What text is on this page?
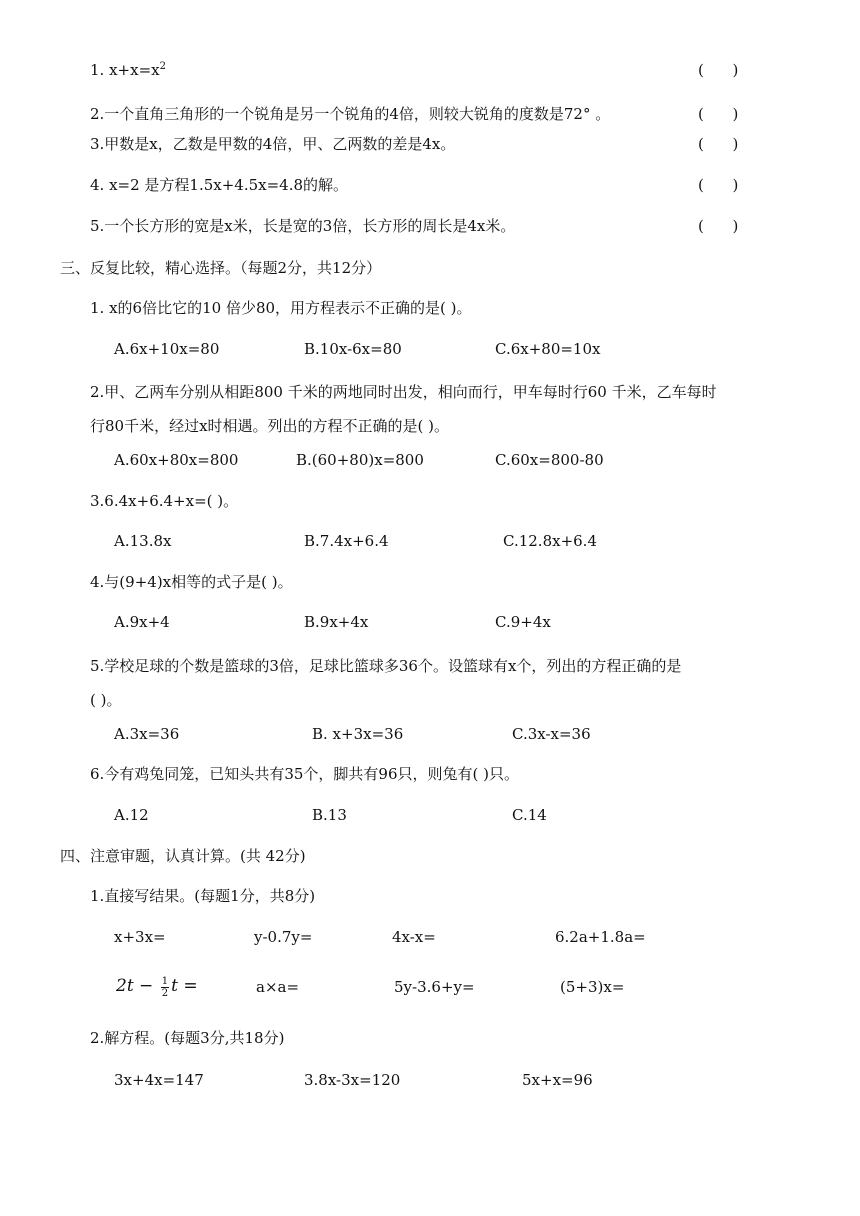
1. $x+x=x^2$	(      )
2.一个直角三角形的一个锐角是另一个锐角的4倍，则较大锐角的度数是72° 。	(      )
3.甲数是x，乙数是甲数的4倍，甲、乙两数的差是4x。	(      )
4. x=2 是方程1.5x+4.5x=4.8的解。	(      )
5.一个长方形的宽是x米，长是宽的3倍，长方形的周长是4x米。	(      )
三、反复比较，精心选择。（每题2分，共12分）
1. x的6倍比它的10 倍少80，用方程表示不正确的是( )。
A.6x+10x=80	B.10x-6x=80	C.6x+80=10x
2.甲、乙两车分别从相距800 千米的两地同时出发，相向而行，甲车每时行60 千米，乙车每时
行80千米，经过x时相遇。列出的方程不正确的是( )。
A.60x+80x=800	B.(60+80)x=800	C.60x=800-80
3.6.4x+6.4+x=( )。
A.13.8x	B.7.4x+6.4	C.12.8x+6.4
4.与(9+4)x相等的式子是( )。
A.9x+4	B.9x+4x	C.9+4x
5.学校足球的个数是篮球的3倍，足球比篮球多36个。设篮球有x个，列出的方程正确的是
( )。
A.3x=36	B. x+3x=36	C.3x-x=36
6.今有鸡兔同笼，已知头共有35个，脚共有96只，则兔有( )只。
A.12	B.13	C.14
四、注意审题，认真计算。(共 42分)
1.直接写结果。(每题1分，共8分)
x+3x=	y-0.7y=	4x-x=	6.2a+1.8a=
$2t - \frac{1}{2}$ t =	a×a=	5y-3.6+y=	(5+3)x=
2.解方程。(每题3分,共18分)
3x+4x=147	3.8x-3x=120	5x+x=96
